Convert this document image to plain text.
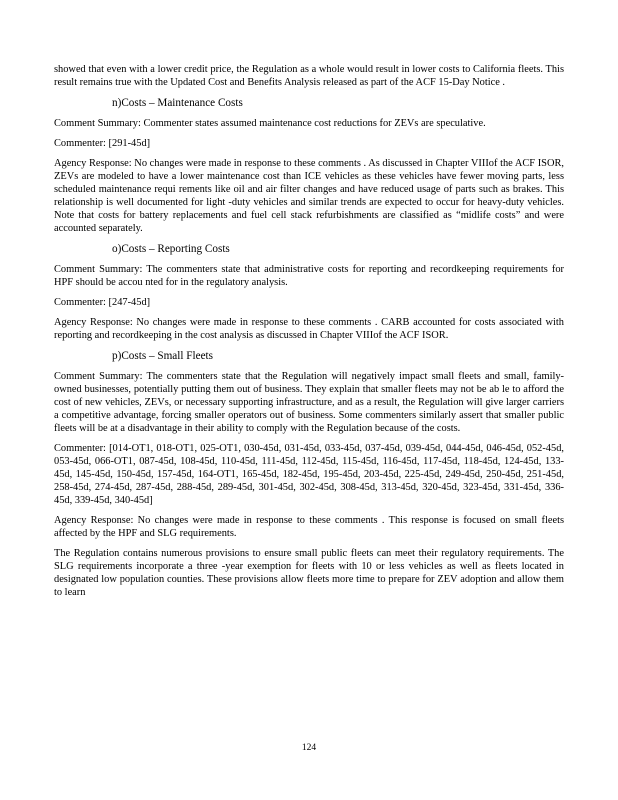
showed that even with a lower credit price, the Regulation as a whole would result in lower costs to California fleets. This result remains true with the Updated Cost and Benefits Analysis released as part of the ACF 15-Day Notice .

n)Costs – Maintenance Costs

Comment Summary: Commenter states assumed maintenance cost reductions for ZEVs are speculative.

Commenter: [291-45d]

Agency Response: No changes were made in response to these comments . As discussed in Chapter VIIIof the ACF ISOR, ZEVs are modeled to have a lower maintenance cost than ICE vehicles as these vehicles have fewer moving parts, less scheduled maintenance requi rements like oil and air filter changes and have reduced usage of parts such as brakes. This relationship is well documented for light -duty vehicles and similar trends are expected to occur for heavy-duty vehicles. Note that costs for battery replacements and fuel cell stack refurbishments are classified as “midlife costs” and were accounted separately.

o)Costs – Reporting Costs

Comment Summary: The commenters state that administrative costs for reporting and recordkeeping requirements for HPF should be accou nted for in the regulatory analysis.

Commenter: [247-45d]

Agency Response: No changes were made in response to these comments . CARB accounted for costs associated with reporting and recordkeeping in the cost analysis as discussed in Chapter VIIIof the ACF ISOR.

p)Costs – Small Fleets

Comment Summary: The commenters state that the Regulation will negatively impact small fleets and small, family-owned businesses, potentially putting them out of business. They explain that smaller fleets may not be ab le to afford the cost of new vehicles, ZEVs, or necessary supporting infrastructure, and as a result, the Regulation will give larger carriers a competitive advantage, forcing smaller operators out of business. Some commenters similarly assert that smaller public fleets will be at a disadvantage in their ability to comply with the Regulation because of the costs.

Commenter: [014-OT1, 018-OT1, 025-OT1, 030-45d, 031-45d, 033-45d, 037-45d, 039-45d, 044-45d, 046-45d, 052-45d, 053-45d, 066-OT1, 087-45d, 108-45d, 110-45d, 111-45d, 112-45d, 115-45d, 116-45d, 117-45d, 118-45d, 124-45d, 133-45d, 145-45d, 150-45d, 157-45d, 164-OT1, 165-45d, 182-45d, 195-45d, 203-45d, 225-45d, 249-45d, 250-45d, 251-45d, 258-45d, 274-45d, 287-45d, 288-45d, 289-45d, 301-45d, 302-45d, 308-45d, 313-45d, 320-45d, 323-45d, 331-45d, 336-45d, 339-45d, 340-45d]

Agency Response: No changes were made in response to these comments . This response is focused on small fleets affected by the HPF and SLG requirements.

The Regulation contains numerous provisions to ensure small public fleets can meet their regulatory requirements. The SLG requirements incorporate a three -year exemption for fleets with 10 or less vehicles as well as fleets located in designated low population counties. These provisions allow fleets more time to prepare for ZEV adoption and allow them to learn

124
